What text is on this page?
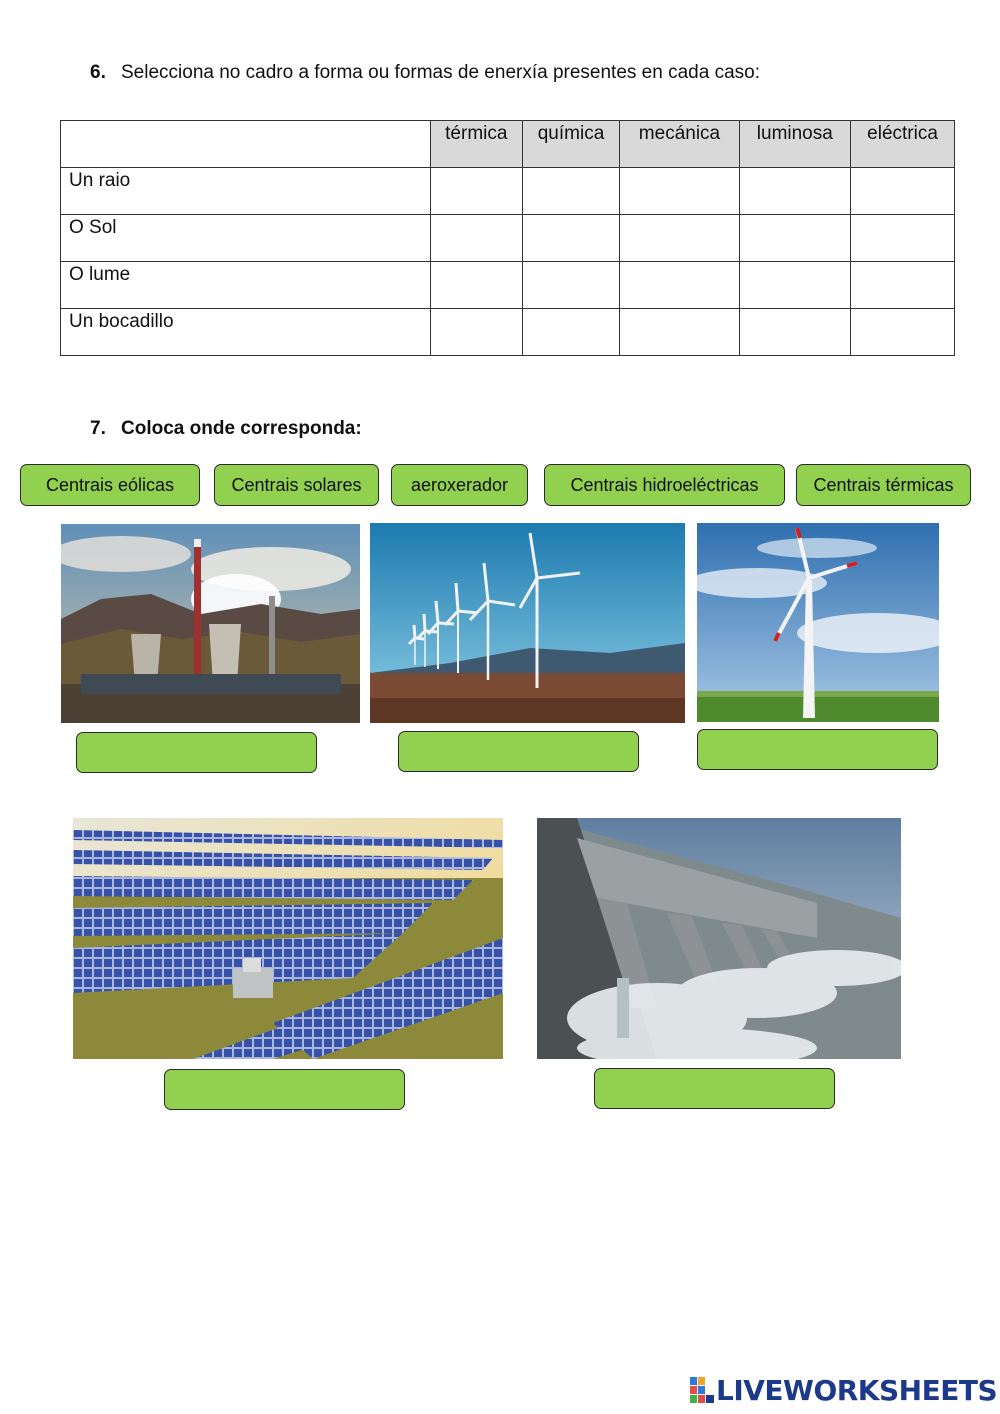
6. Selecciona no cadro a forma ou formas de enerxía presentes en cada caso:
	térmica	química	mecánica	luminosa	eléctrica
Un raio					
O Sol					
O lume					
Un bocadillo					
7. Coloca onde corresponda:
Centrais eólicas	Centrais solares	aeroxerador	Centrais hidroeléctricas	Centrais térmicas
LIVEWORKSHEETS
